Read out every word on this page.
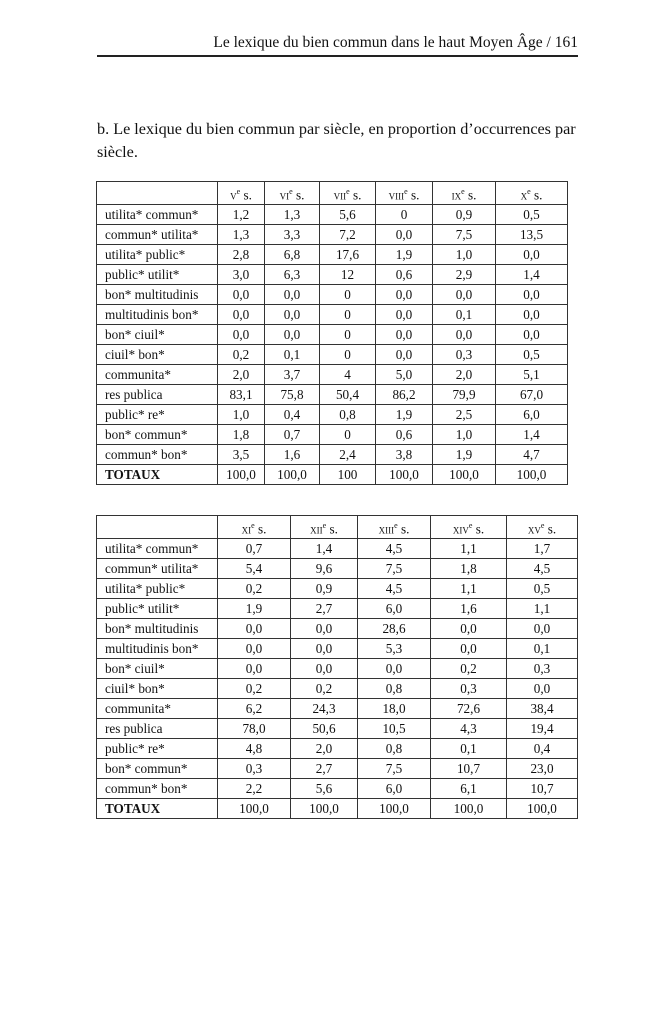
Le lexique du bien commun dans le haut Moyen Âge / 161
b. Le lexique du bien commun par siècle, en proportion d’occurrences par siècle.
	$v^e$ s.	$vi^e$ s.	vii$^e$ s.	viii$^e$ s.	$ix^e$ s.	$x^e$ s.
utilita* commun*	1,2	1,3	5,6	0	0,9	0,5
commun* utilita*	1,3	3,3	7,2	0,0	7,5	13,5
utilita* public*	2,8	6,8	17,6	1,9	1,0	0,0
public* utilit*	3,0	6,3	12	0,6	2,9	1,4
bon* multitudinis	0,0	0,0	0	0,0	0,0	0,0
multitudinis bon*	0,0	0,0	0	0,0	0,1	0,0
bon* ciuil*	0,0	0,0	0	0,0	0,0	0,0
ciuil* bon*	0,2	0,1	0	0,0	0,3	0,5
communita*	2,0	3,7	4	5,0	2,0	5,1
res publica	83,1	75,8	50,4	86,2	79,9	67,0
public* re*	1,0	0,4	0,8	1,9	2,5	6,0
bon* commun*	1,8	0,7	0	0,6	1,0	1,4
commun* bon*	3,5	1,6	2,4	3,8	1,9	4,7
TOTAUX	100,0	100,0	100	100,0	100,0	100,0
	$xi^e$ s.	xii$^e$ s.	xiii$^e$ s.	xiv$^e$ s.	$xv^e$ s.
utilita* commun*	0,7	1,4	4,5	1,1	1,7
commun* utilita*	5,4	9,6	7,5	1,8	4,5
utilita* public*	0,2	0,9	4,5	1,1	0,5
public* utilit*	1,9	2,7	6,0	1,6	1,1
bon* multitudinis	0,0	0,0	28,6	0,0	0,0
multitudinis bon*	0,0	0,0	5,3	0,0	0,1
bon* ciuil*	0,0	0,0	0,0	0,2	0,3
ciuil* bon*	0,2	0,2	0,8	0,3	0,0
communita*	6,2	24,3	18,0	72,6	38,4
res publica	78,0	50,6	10,5	4,3	19,4
public* re*	4,8	2,0	0,8	0,1	0,4
bon* commun*	0,3	2,7	7,5	10,7	23,0
commun* bon*	2,2	5,6	6,0	6,1	10,7
TOTAUX	100,0	100,0	100,0	100,0	100,0
